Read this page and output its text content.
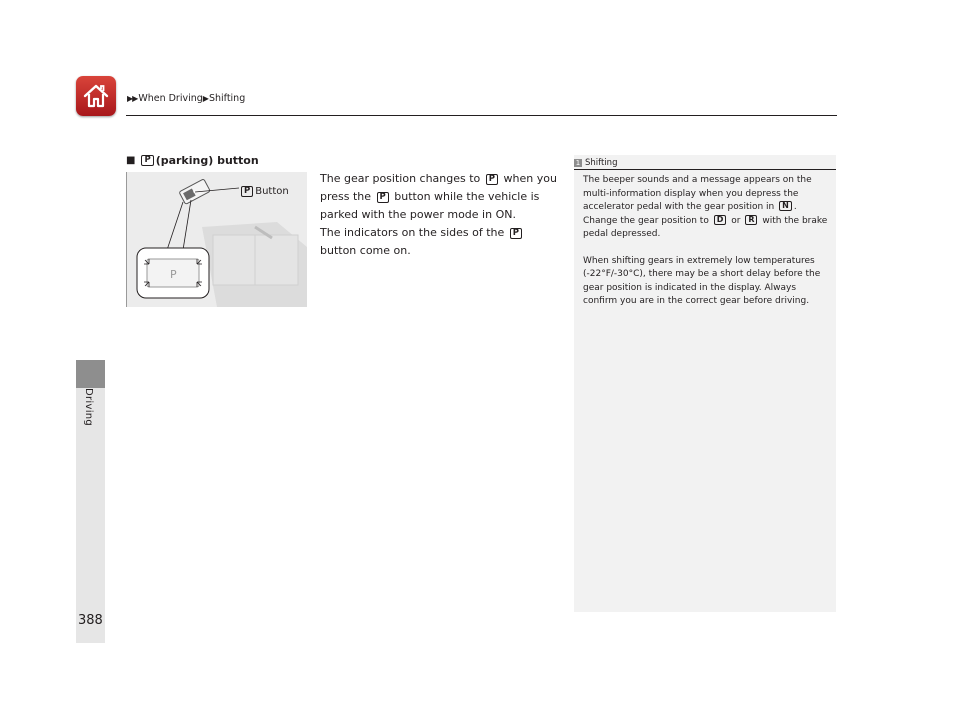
▶▶ When Driving ▶ Shifting
Driving
388
■	P (parking) button
P
P Button

The gear position changes to P when you press the P button while the vehicle is parked with the power mode in ON.

The indicators on the sides of the P button come on.

1 Shifting

The beeper sounds and a message appears on the multi-information display when you depress the accelerator pedal with the gear position in N . Change the gear position to D or R with the brake pedal depressed.

When shifting gears in extremely low temperatures (-22°F/-30°C), there may be a short delay before the gear position is indicated in the display. Always confirm you are in the correct gear before driving.
